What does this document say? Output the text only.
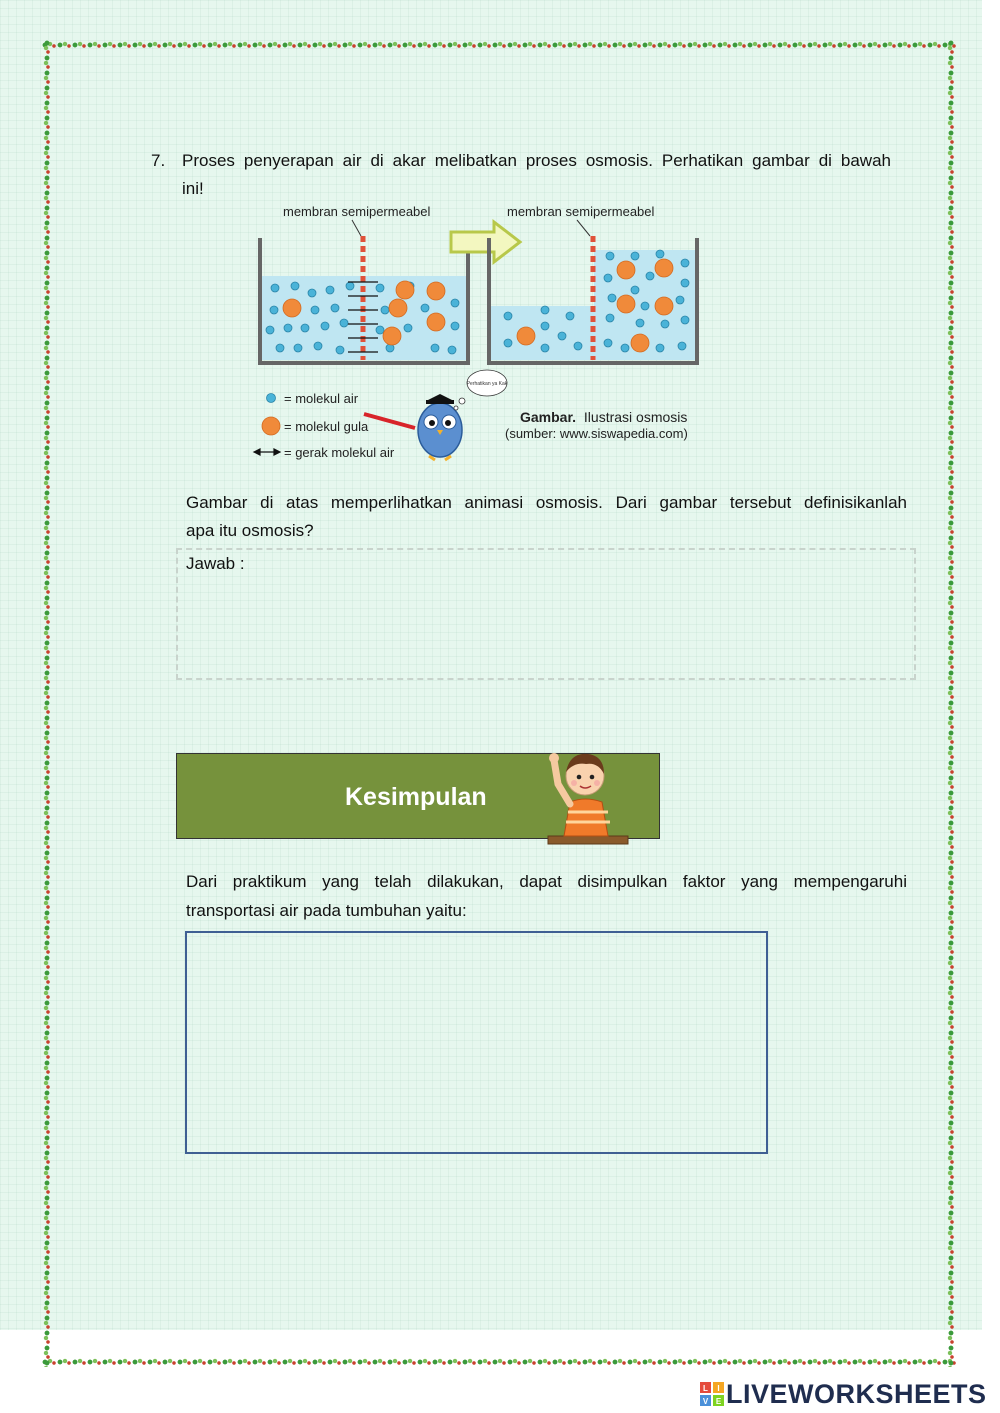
7. Proses penyerapan air di akar melibatkan proses osmosis. Perhatikan gambar di bawah
ini!
membran semipermeabel	membran semipermeabel
= molekul air
= molekul gula
= gerak molekul air
Perhatikan ya Kak
Gambar. Ilustrasi osmosis
(sumber: www.siswapedia.com)
Gambar di atas memperlihatkan animasi osmosis. Dari gambar tersebut definisikanlah
apa itu osmosis?
Jawab :
Kesimpulan
Dari praktikum yang telah dilakukan, dapat disimpulkan faktor yang mempengaruhi
transportasi air pada tumbuhan yaitu:
L I
V E LIVEWORKSHEETS
